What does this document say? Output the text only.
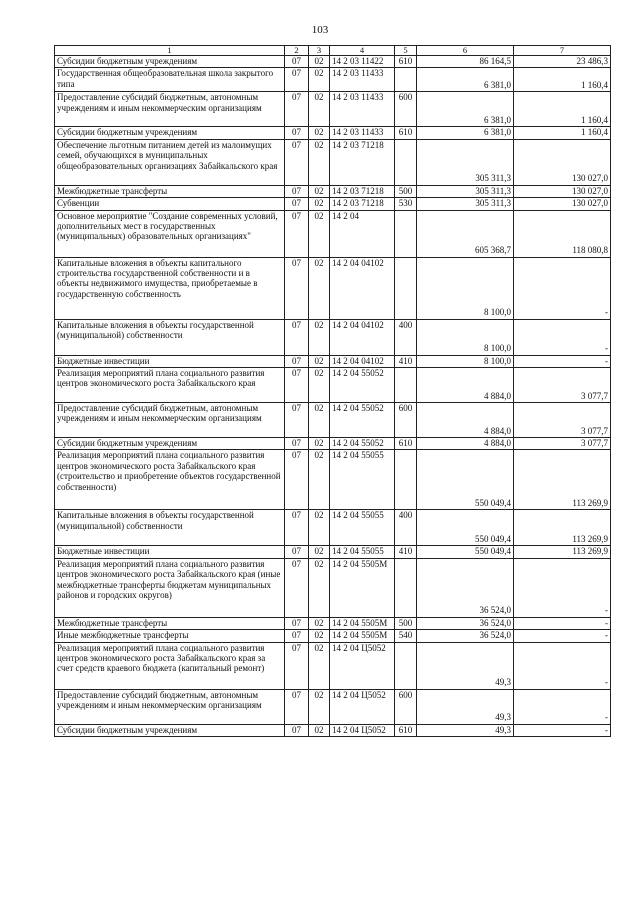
103
1	2	3	4	5	6	7
Субсидии бюджетным учреждениям	07	02	14 2 03 11422	610	86 164,5	23 486,3
Государственная общеобразовательная школа закрытого типа	07	02	14 2 03 11433		6 381,0	1 160,4
Предоставление субсидий бюджетным, автономным учреждениям и иным некоммерческим организациям	07	02	14 2 03 11433	600	6 381,0	1 160,4
Субсидии бюджетным учреждениям	07	02	14 2 03 11433	610	6 381,0	1 160,4
Обеспечение льготным питанием детей из малоимущих семей, обучающихся в муниципальных общеобразовательных организациях Забайкальского края	07	02	14 2 03 71218		305 311,3	130 027,0
Межбюджетные трансферты	07	02	14 2 03 71218	500	305 311,3	130 027,0
Субвенции	07	02	14 2 03 71218	530	305 311,3	130 027,0
Основное мероприятие "Создание современных условий, дополнительных мест в государственных (муниципальных) образовательных организациях"	07	02	14 2 04		605 368,7	118 080,8
Капитальные вложения в объекты капитального строительства государственной собственности и в объекты недвижимого имущества, приобретаемые в государственную собственность	07	02	14 2 04 04102		8 100,0	-
Капитальные вложения в объекты государственной (муниципальной) собственности	07	02	14 2 04 04102	400	8 100,0	-
Бюджетные инвестиции	07	02	14 2 04 04102	410	8 100,0	-
Реализация мероприятий плана социального развития центров экономического роста Забайкальского края	07	02	14 2 04 55052		4 884,0	3 077,7
Предоставление субсидий бюджетным, автономным учреждениям и иным некоммерческим организациям	07	02	14 2 04 55052	600	4 884,0	3 077,7
Субсидии бюджетным учреждениям	07	02	14 2 04 55052	610	4 884,0	3 077,7
Реализация мероприятий плана социального развития центров экономического роста Забайкальского края (строительство и приобретение объектов государственной собственности)	07	02	14 2 04 55055		550 049,4	113 269,9
Капитальные вложения в объекты государственной (муниципальной) собственности	07	02	14 2 04 55055	400	550 049,4	113 269,9
Бюджетные инвестиции	07	02	14 2 04 55055	410	550 049,4	113 269,9
Реализация мероприятий плана социального развития центров экономического роста Забайкальского края (иные межбюджетные трансферты бюджетам муниципальных районов и городских округов)	07	02	14 2 04 5505М		36 524,0	-
Межбюджетные трансферты	07	02	14 2 04 5505М	500	36 524,0	-
Иные межбюджетные трансферты	07	02	14 2 04 5505М	540	36 524,0	-
Реализация мероприятий плана социального развития центров экономического роста Забайкальского края за счет средств краевого бюджета (капитальный ремонт)	07	02	14 2 04 Ц5052		49,3	-
Предоставление субсидий бюджетным, автономным учреждениям и иным некоммерческим организациям	07	02	14 2 04 Ц5052	600	49,3	-
Субсидии бюджетным учреждениям	07	02	14 2 04 Ц5052	610	49,3	-
